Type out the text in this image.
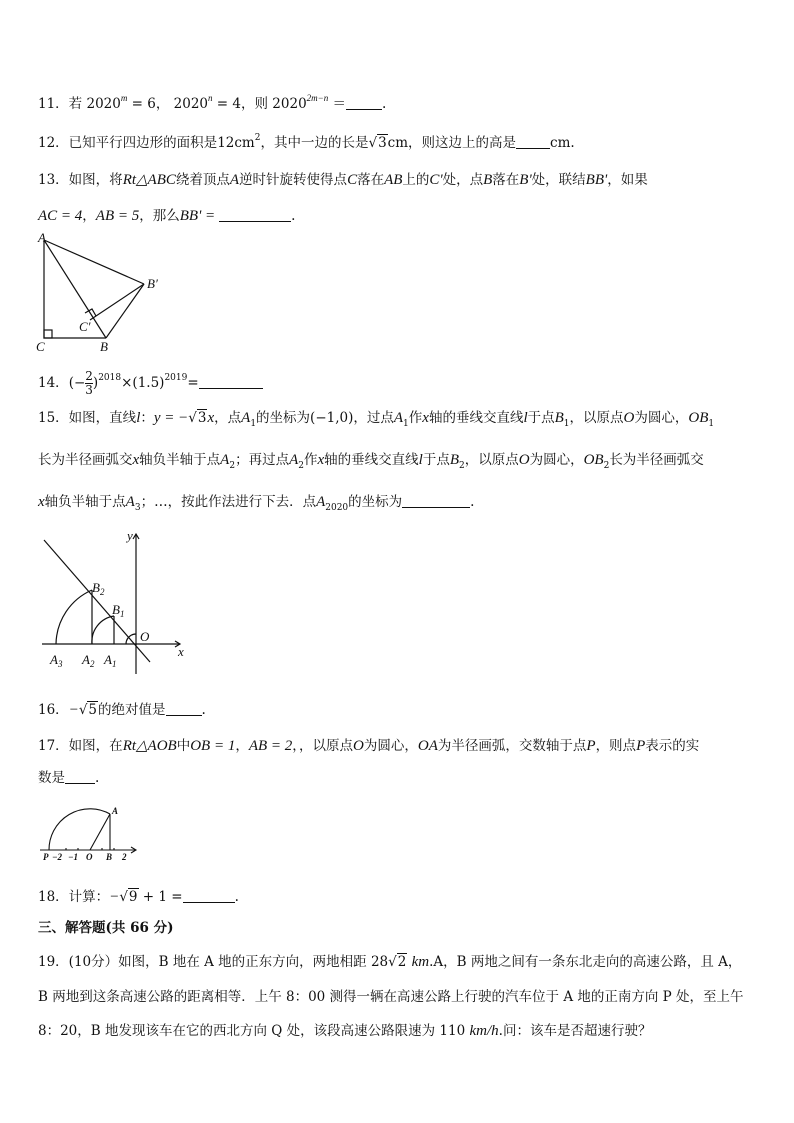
11．若 $2020^m = 6$， $2020^n = 4$，则 $2020^{2m-n}$ ＝	.
12．已知平行四边形的面积是$12cm^2$，其中一边的长是√3cm，则这边上的高是	cm.
13．如图，将Rt△ABC绕着顶点A逆时针旋转使得点C落在AB上的C'处，点B落在B'处，联结BB'，如果
AC = 4，AB = 5，那么BB' =	.
A
C	B
B′
C′
14．(− $\frac{2}{3} )^{2018}\times(1.5)^{2019}=$
15．如图，直线l：y = −√3x，点$A_1$的坐标为(−1,0)，过点$A_1$作x轴的垂线交直线l于点$B_1$，以原点O为圆心，$OB_1$
长为半径画弧交x轴负半轴于点$A_2$；再过点$A_2$作x轴的垂线交直线l于点$B_2$，以原点O为圆心，$OB_2$长为半径画弧交
x轴负半轴于点$A_3$；…，按此作法进行下去．点$A_{2020}$的坐标为	.
y
x
O
$B_2$
$B_1$
$A_3$ $A_2$ $A_1$
16．−√5的绝对值是	.
17．如图，在Rt△AOB中OB = 1，AB = 2，，以原点O为圆心，OA为半径画弧，交数轴于点P，则点P表示的实
数是 .
A
P −2 −1 O B 2
18．计算：−√9 + 1 =	.
三、解答题(共 66 分)
19．(10分）如图，B 地在 A 地的正东方向，两地相距 28√2 km.A，B 两地之间有一条东北走向的高速公路，且 A，
B 两地到这条高速公路的距离相等．上午 8：00 测得一辆在高速公路上行驶的汽车位于 A 地的正南方向 P 处，至上午
8：20，B 地发现该车在它的西北方向 Q 处，该段高速公路限速为 110 km/h.问：该车是否超速行驶？
